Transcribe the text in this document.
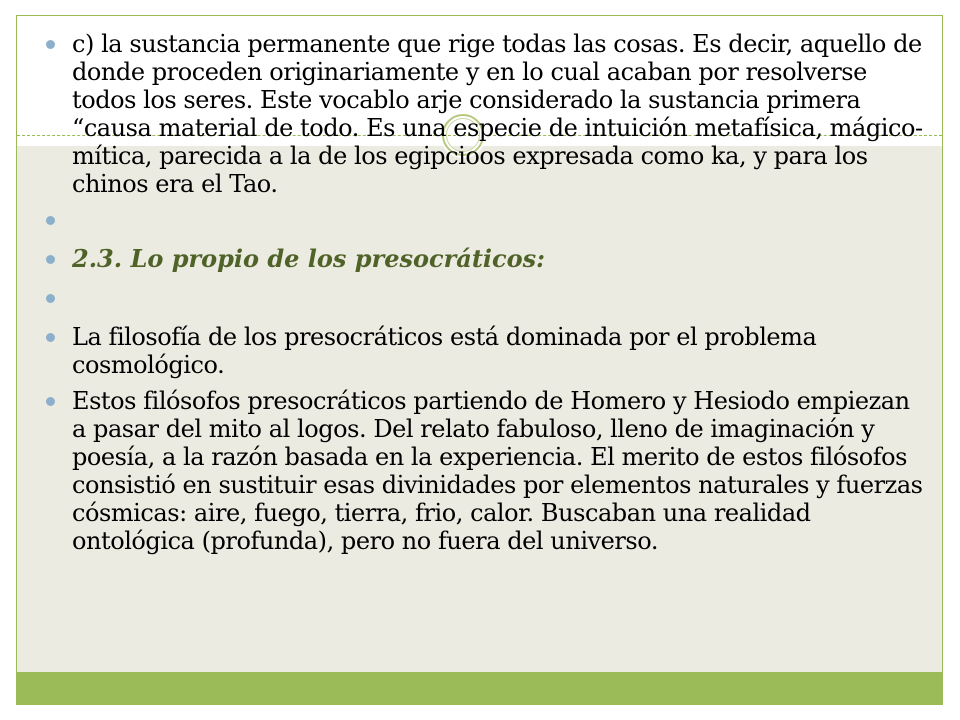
c) la sustancia permanente que rige todas las cosas. Es decir, aquello de donde proceden originariamente y en lo cual acaban por resolverse todos los seres. Este vocablo arje considerado la sustancia primera “causa material de todo. Es una especie de intuición metafísica, mágico-mítica, parecida a la de los egipcioos expresada como ka, y para los chinos era el Tao.
2.3. Lo propio de los presocráticos:
La filosofía de los presocráticos está dominada por el problema cosmológico.
Estos filósofos presocráticos partiendo de Homero y Hesiodo empiezan a pasar del mito al logos. Del relato fabuloso, lleno de imaginación y poesía, a la razón basada en la experiencia. El merito de estos filósofos consistió en sustituir esas divinidades por elementos naturales y fuerzas cósmicas: aire, fuego, tierra, frio, calor. Buscaban una realidad ontológica (profunda), pero no fuera del universo.
